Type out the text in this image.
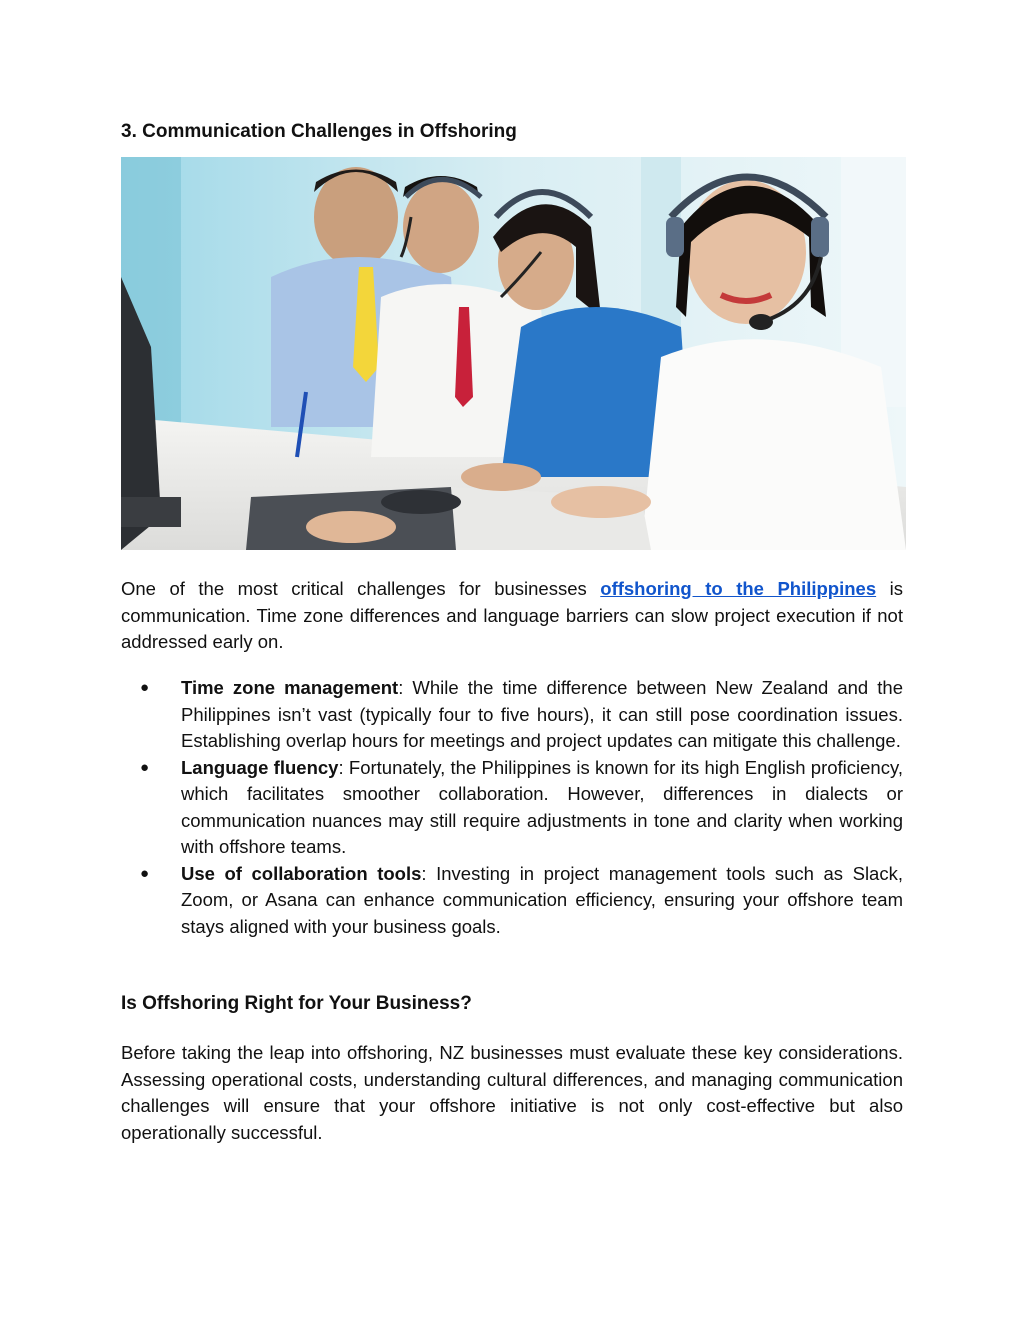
3. Communication Challenges in Offshoring

One of the most critical challenges for businesses offshoring to the Philippines is communication. Time zone differences and language barriers can slow project execution if not addressed early on.

● Time zone management: While the time difference between New Zealand and the Philippines isn’t vast (typically four to five hours), it can still pose coordination issues. Establishing overlap hours for meetings and project updates can mitigate this challenge.
● Language fluency: Fortunately, the Philippines is known for its high English proficiency, which facilitates smoother collaboration. However, differences in dialects or communication nuances may still require adjustments in tone and clarity when working with offshore teams.
● Use of collaboration tools: Investing in project management tools such as Slack, Zoom, or Asana can enhance communication efficiency, ensuring your offshore team stays aligned with your business goals.
Is Offshoring Right for Your Business?

Before taking the leap into offshoring, NZ businesses must evaluate these key considerations. Assessing operational costs, understanding cultural differences, and managing communication challenges will ensure that your offshore initiative is not only cost-effective but also operationally successful.
